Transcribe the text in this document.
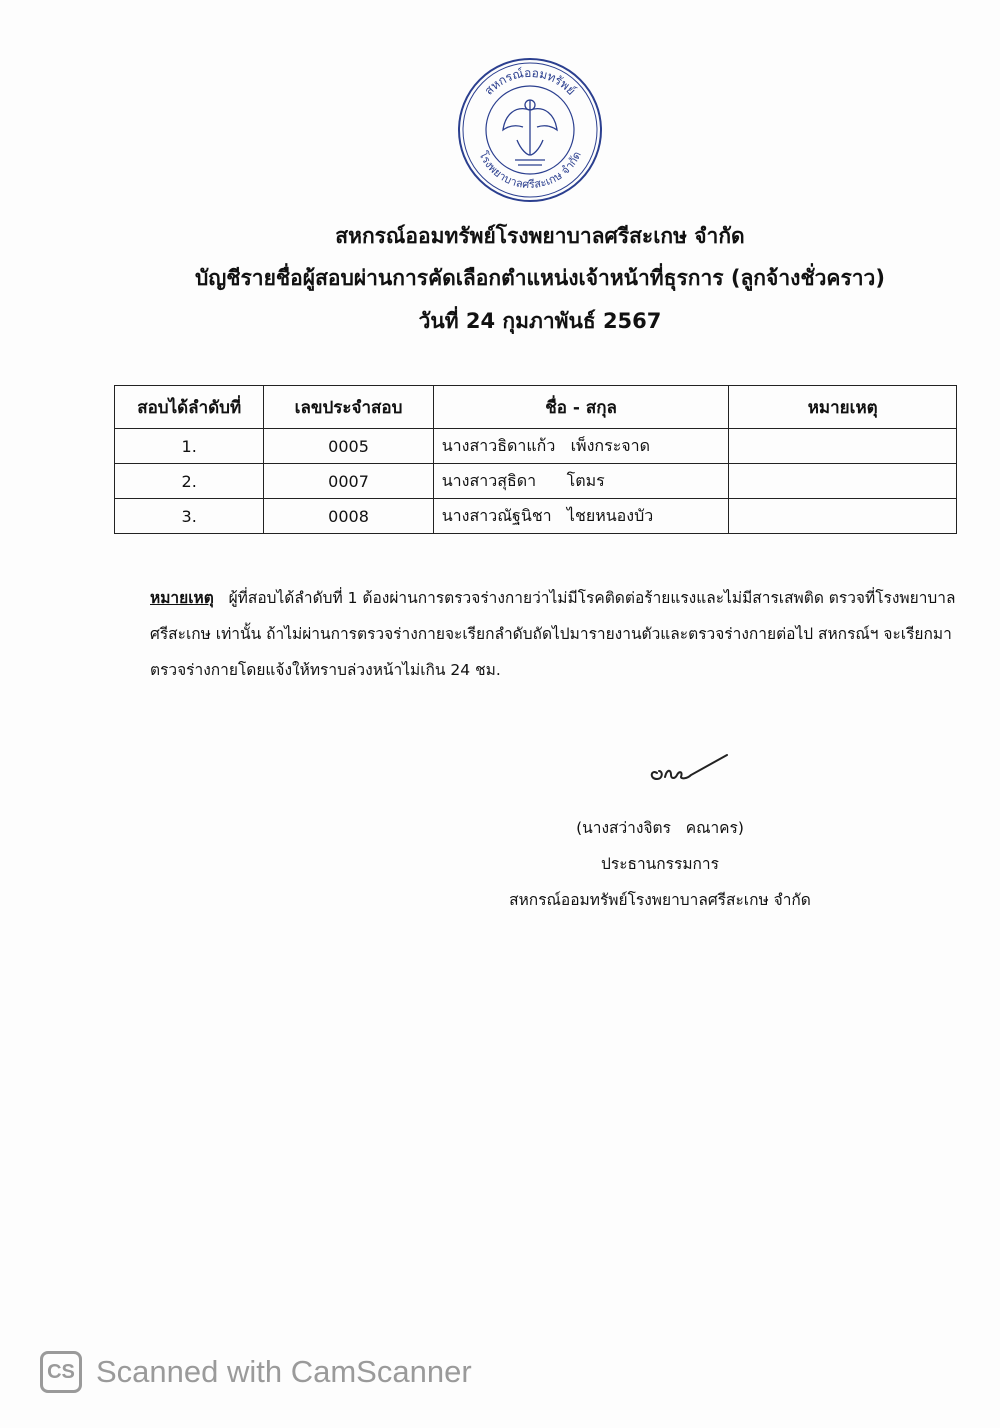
สหกรณ์ออมทรัพย์
โรงพยาบาลศรีสะเกษ จำกัด
สหกรณ์ออมทรัพย์โรงพยาบาลศรีสะเกษ จำกัด
บัญชีรายชื่อผู้สอบผ่านการคัดเลือกตำแหน่งเจ้าหน้าที่ธุรการ (ลูกจ้างชั่วคราว)
วันที่ 24 กุมภาพันธ์ 2567
สอบได้ลำดับที่	เลขประจำสอบ	ชื่อ - สกุล	หมายเหตุ
1.	0005	นางสาวธิดาแก้ว   เพ็งกระจาด	
2.	0007	นางสาวสุธิดา      โตมร	
3.	0008	นางสาวณัฐนิชา   ไชยหนองบัว	
หมายเหตุ ผู้ที่สอบได้ลำดับที่ 1 ต้องผ่านการตรวจร่างกายว่าไม่มีโรคติดต่อร้ายแรงและไม่มีสารเสพติด ตรวจที่โรงพยาบาลศรีสะเกษ เท่านั้น ถ้าไม่ผ่านการตรวจร่างกายจะเรียกลำดับถัดไปมารายงานตัวและตรวจร่างกายต่อไป สหกรณ์ฯ จะเรียกมาตรวจร่างกายโดยแจ้งให้ทราบล่วงหน้าไม่เกิน 24 ชม.
(นางสว่างจิตร   คณาคร)
ประธานกรรมการ
สหกรณ์ออมทรัพย์โรงพยาบาลศรีสะเกษ จำกัด
CS Scanned with CamScanner
